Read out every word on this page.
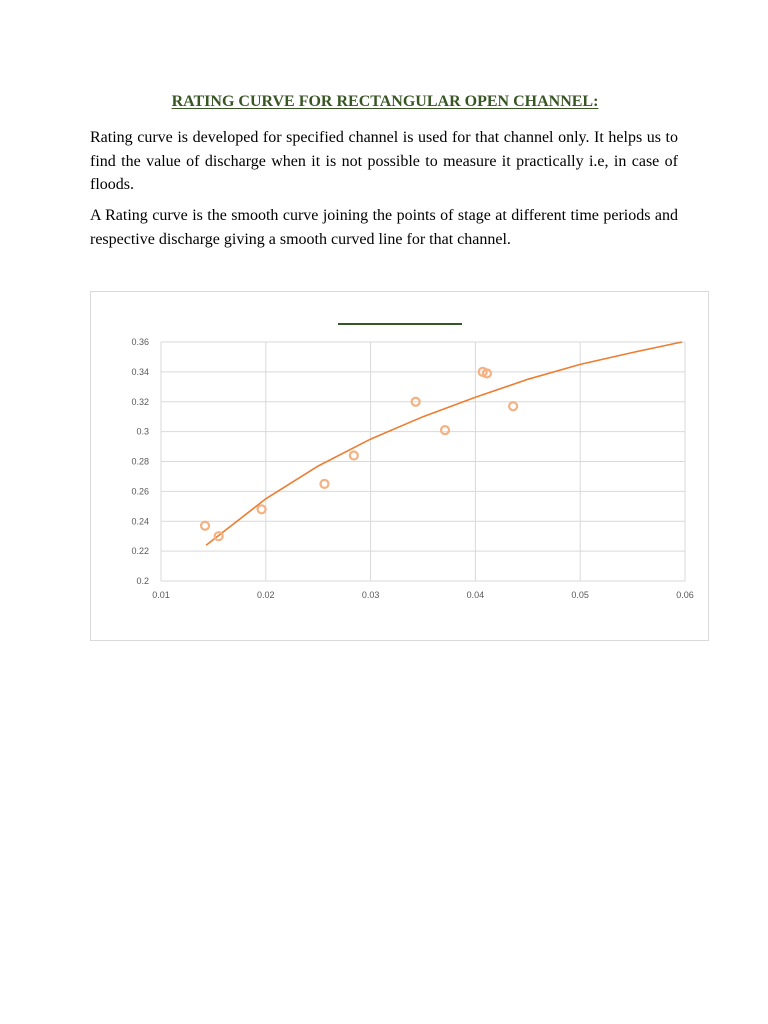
RATING CURVE FOR RECTANGULAR OPEN CHANNEL:

Rating curve is developed for specified channel is used for that channel only. It helps us to find the value of discharge when it is not possible to measure it practically i.e, in case of floods.

A Rating curve is the smooth curve joining the points of stage at different time periods and respective discharge giving a smooth curved line for that channel.

0.2
0.22
0.24
0.26
0.28
0.3
0.32
0.34
0.36
0.01	0.02	0.03	0.04	0.05	0.06
